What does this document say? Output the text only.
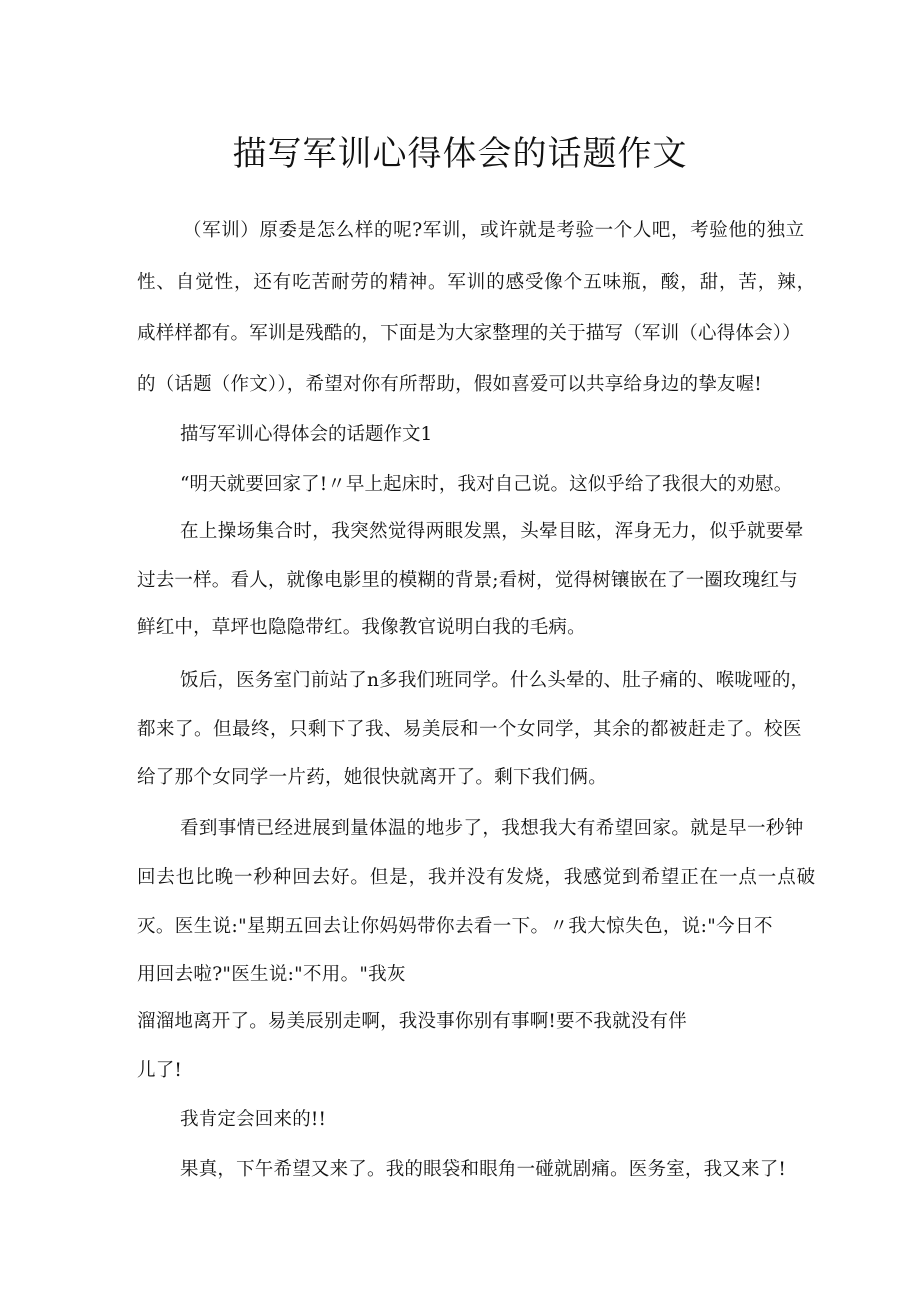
描写军训心得体会的话题作文

（军训）原委是怎么样的呢?军训，或许就是考验一个人吧，考验他的独立

性、自觉性，还有吃苦耐劳的精神。军训的感受像个五味瓶，酸，甜，苦，辣，

咸样样都有。军训是残酷的，下面是为大家整理的关于描写（军训（心得体会））

的（话题（作文）），希望对你有所帮助，假如喜爱可以共享给身边的挚友喔!

描写军训心得体会的话题作文1

“明天就要回家了!〃早上起床时，我对自己说。这似乎给了我很大的劝慰。

在上操场集合时，我突然觉得两眼发黑，头晕目眩，浑身无力，似乎就要晕

过去一样。看人，就像电影里的模糊的背景;看树，觉得树镶嵌在了一圈玫瑰红与

鲜红中，草坪也隐隐带红。我像教官说明白我的毛病。

饭后，医务室门前站了n多我们班同学。什么头晕的、肚子痛的、喉咙哑的，

都来了。但最终，只剩下了我、易美辰和一个女同学，其余的都被赶走了。校医

给了那个女同学一片药，她很快就离开了。剩下我们俩。

看到事情已经进展到量体温的地步了，我想我大有希望回家。就是早一秒钟

回去也比晚一秒种回去好。但是，我并没有发烧，我感觉到希望正在一点一点破

灭。医生说:"星期五回去让你妈妈带你去看一下。〃我大惊失色，说:"今日不

用回去啦?"医生说:"不用。"我灰

溜溜地离开了。易美辰别走啊，我没事你别有事啊!要不我就没有伴

儿了!

我肯定会回来的!!

果真，下午希望又来了。我的眼袋和眼角一碰就剧痛。医务室，我又来了!
